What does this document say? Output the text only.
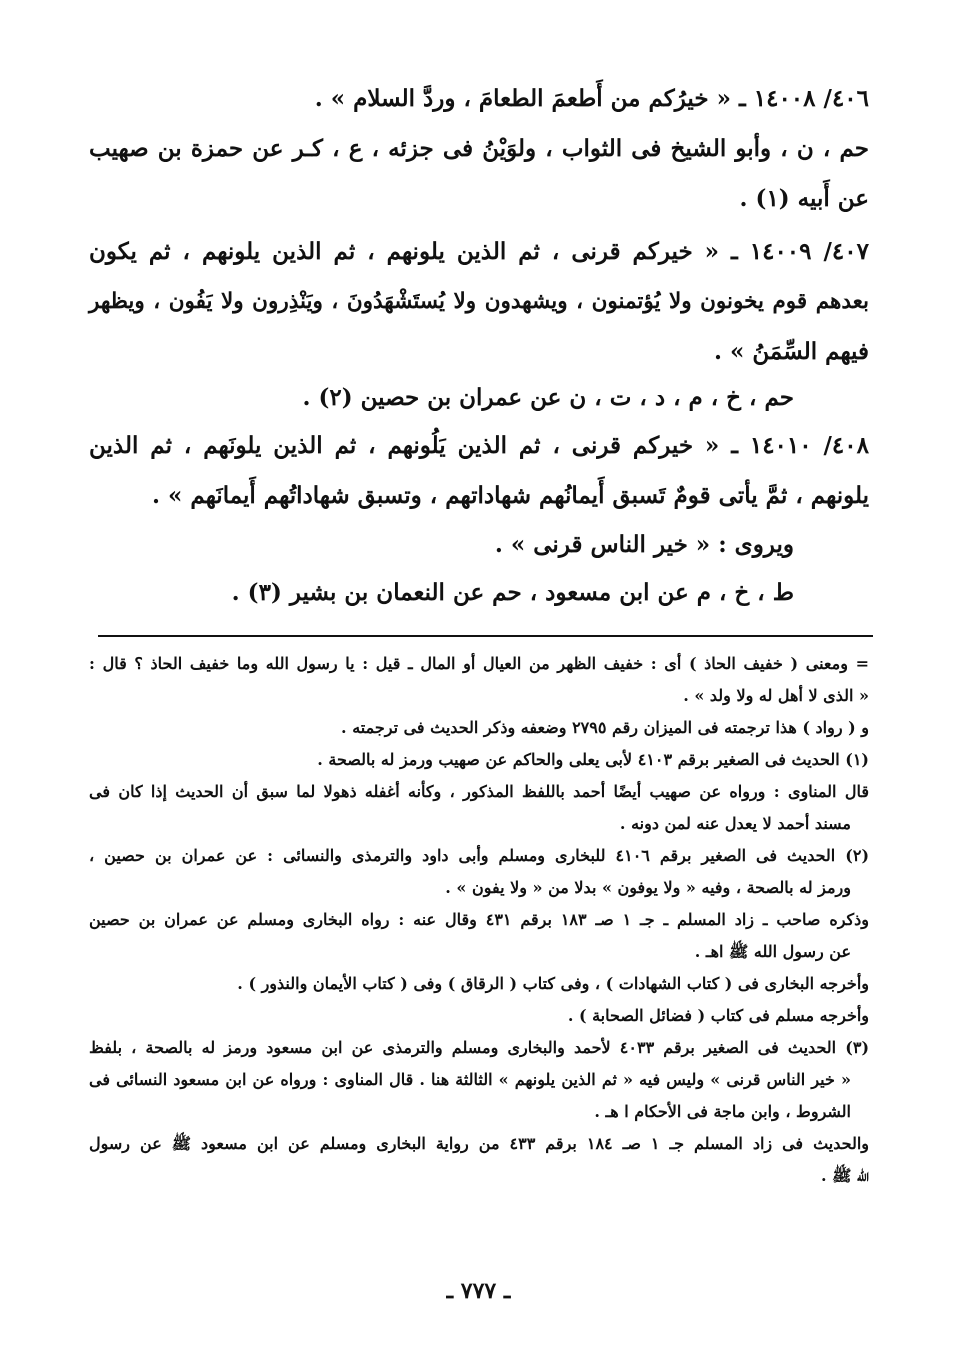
٤٠٦/ ١٤٠٠٨ ـ « خيرُكم من أَطعمَ الطعامَ ، وردَّ السلام » .
حم ، ن ، وأبو الشيخ فى الثواب ، ولوَيْنُ فى جزئه ، ع ، كـر عن حمزة بن صهيب
عن أَبيه (١) .
٤٠٧/ ١٤٠٠٩ ـ « خيركم قرنى ، ثم الذين يلونهم ، ثم الذين يلونهم ، ثم يكون
بعدهم قوم يخونون ولا يُؤتمنون ، ويشهدون ولا يُستَشْهَدُونَ ، ويَنْذِرون ولا يَفُون ، ويظهر
فيهم السِّمَنُ » .
حم ، خ ، م ، د ، ت ، ن عن عمران بن حصين (٢) .
٤٠٨/ ١٤٠١٠ ـ « خيركم قرنى ، ثم الذين يَلُونهم ، ثم الذين يلونَهم ، ثم الذين
يلونهم ، ثمَّ يأتى قومٌ تَسبق أَيمانُهم شهاداتهم ، وتسبق شهاداتُهم أَيمانَهم » .
ويروى : « خير الناس قرنى » .
ط ، خ ، م عن ابن مسعود ، حم عن النعمان بن بشير (٣) .
= ومعنى ( خفيف الحاذ ) أى : خفيف الظهر من العيال أو المال ـ قيل : يا رسول الله وما خفيف الحاذ ؟ قال :
« الذى لا أهل له ولا ولد » .
و ( رواد ) هذا ترجمته فى الميزان رقم ٢٧٩٥ وضعفه وذكر الحديث فى ترجمته .
(١) الحديث فى الصغير برقم ٤١٠٣ لأبى يعلى والحاكم عن صهيب ورمز له بالصحة .
قال المناوى : ورواه عن صهيب أيضًا أحمد باللفظ المذكور ، وكأنه أغفله ذهولا لما سبق أن الحديث إذا كان فى
مسند أحمد لا يعدل عنه لمن دونه .
(٢) الحديث فى الصغير برقم ٤١٠٦ للبخارى ومسلم وأبى داود والترمذى والنسائى : عن عمران بن حصين ،
ورمز له بالصحة ، وفيه « ولا يوفون » بدلا من « ولا يفون » .
وذكره صاحب ـ زاد المسلم ـ جـ ١ صـ ١٨٣ برقم ٤٣١ وقال عنه : رواه البخارى ومسلم عن عمران بن حصين
عن رسول الله ﷺ اهـ .
وأخرجه البخارى فى ( كتاب الشهادات ) ، وفى كتاب ( الرقاق ) وفى ( كتاب الأيمان والنذور ) .
وأخرجه مسلم فى كتاب ( فضائل الصحابة ) .
(٣) الحديث فى الصغير برقم ٤٠٣٣ لأحمد والبخارى ومسلم والترمذى عن ابن مسعود ورمز له بالصحة ، بلفظ
« خير الناس قرنى » وليس فيه « ثم الذين يلونهم » الثالثة هنا . قال المناوى : ورواه عن ابن مسعود النسائى فى
الشروط ، وابن ماجة فى الأحكام ا هـ .
والحديث فى زاد المسلم جـ ١ صـ ١٨٤ برقم ٤٣٣ من رواية البخارى ومسلم عن ابن مسعود ﷺ عن رسول
الله ﷺ .
ـ ٧٧٧ ـ
